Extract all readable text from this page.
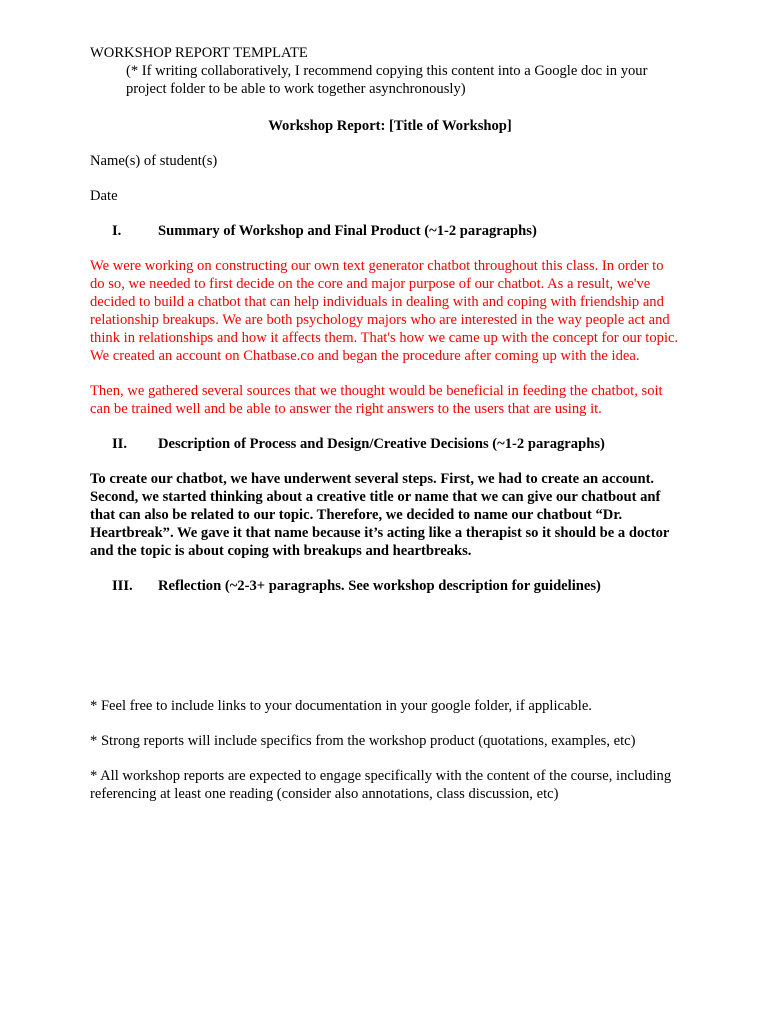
WORKSHOP REPORT TEMPLATE
(* If writing collaboratively, I recommend copying this content into a Google doc in your project folder to be able to work together asynchronously)
Workshop Report: [Title of Workshop]
Name(s) of student(s)
Date
I.	Summary of Workshop and Final Product (~1-2 paragraphs)
We were working on constructing our own text generator chatbot throughout this class. In order to do so, we needed to first decide on the core and major purpose of our chatbot. As a result, we've decided to build a chatbot that can help individuals in dealing with and coping with friendship and relationship breakups. We are both psychology majors who are interested in the way people act and think in relationships and how it affects them. That's how we came up with the concept for our topic. We created an account on Chatbase.co and began the procedure after coming up with the idea.
Then, we gathered several sources that we thought would be beneficial in feeding the chatbot, soit can be trained well and be able to answer the right answers to the users that are using it.
II.	Description of Process and Design/Creative Decisions (~1-2 paragraphs)
To create our chatbot, we have underwent several steps. First, we had to create an account. Second, we started thinking about a creative title or name that we can give our chatbout anf that can also be related to our topic. Therefore, we decided to name our chatbout “Dr. Heartbreak”. We gave it that name because it’s acting like a therapist so it should be a doctor and the topic is about coping with breakups and heartbreaks.
III.	Reflection (~2-3+ paragraphs. See workshop description for guidelines)
* Feel free to include links to your documentation in your google folder, if applicable.
* Strong reports will include specifics from the workshop product (quotations, examples, etc)
* All workshop reports are expected to engage specifically with the content of the course, including referencing at least one reading (consider also annotations, class discussion, etc)
